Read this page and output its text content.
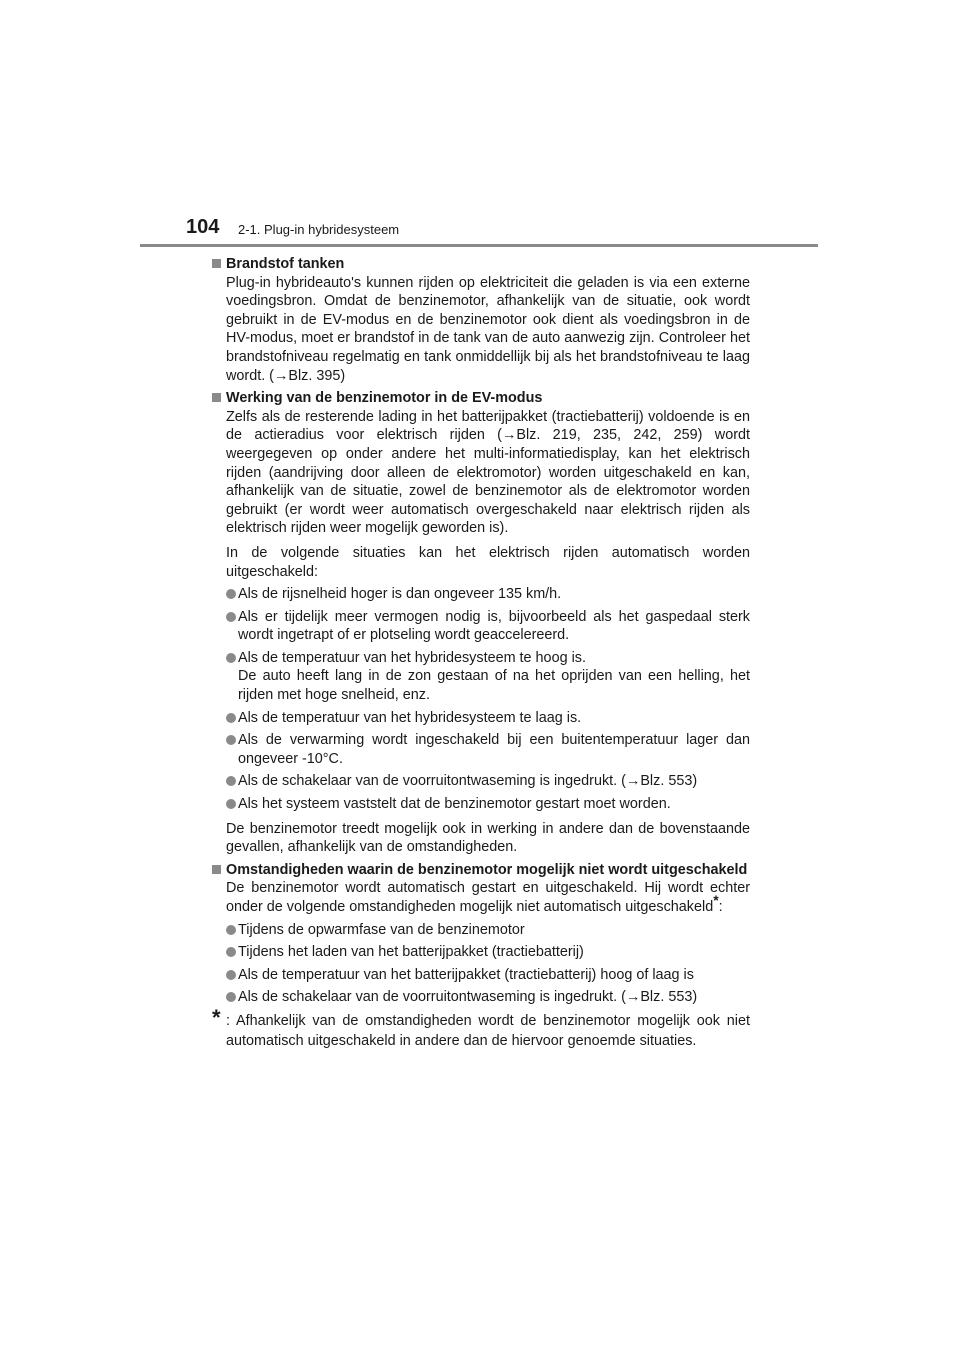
104 2-1. Plug-in hybridesysteem

Brandstof tanken

Plug-in hybrideauto's kunnen rijden op elektriciteit die geladen is via een externe voedingsbron. Omdat de benzinemotor, afhankelijk van de situatie, ook wordt gebruikt in de EV-modus en de benzinemotor ook dient als voedingsbron in de HV-modus, moet er brandstof in de tank van de auto aanwezig zijn. Controleer het brandstofniveau regelmatig en tank onmiddellijk bij als het brandstofniveau te laag wordt. (→Blz. 395)

Werking van de benzinemotor in de EV-modus

Zelfs als de resterende lading in het batterijpakket (tractiebatterij) voldoende is en de actieradius voor elektrisch rijden (→Blz. 219, 235, 242, 259) wordt weergegeven op onder andere het multi-informatiedisplay, kan het elektrisch rijden (aandrijving door alleen de elektromotor) worden uitgeschakeld en kan, afhankelijk van de situatie, zowel de benzinemotor als de elektromotor worden gebruikt (er wordt weer automatisch overgeschakeld naar elektrisch rijden als elektrisch rijden weer mogelijk geworden is).

In de volgende situaties kan het elektrisch rijden automatisch worden uitgeschakeld:

Als de rijsnelheid hoger is dan ongeveer 135 km/h.

Als er tijdelijk meer vermogen nodig is, bijvoorbeeld als het gaspedaal sterk wordt ingetrapt of er plotseling wordt geaccelereerd.

Als de temperatuur van het hybridesysteem te hoog is.

De auto heeft lang in de zon gestaan of na het oprijden van een helling, het rijden met hoge snelheid, enz.

Als de temperatuur van het hybridesysteem te laag is.

Als de verwarming wordt ingeschakeld bij een buitentemperatuur lager dan ongeveer -10°C.

Als de schakelaar van de voorruitontwaseming is ingedrukt. (→Blz. 553)

Als het systeem vaststelt dat de benzinemotor gestart moet worden.

De benzinemotor treedt mogelijk ook in werking in andere dan de bovenstaande gevallen, afhankelijk van de omstandigheden.

Omstandigheden waarin de benzinemotor mogelijk niet wordt uitgeschakeld

De benzinemotor wordt automatisch gestart en uitgeschakeld. Hij wordt echter onder de volgende omstandigheden mogelijk niet automatisch uitgeschakeld*:

Tijdens de opwarmfase van de benzinemotor

Tijdens het laden van het batterijpakket (tractiebatterij)

Als de temperatuur van het batterijpakket (tractiebatterij) hoog of laag is

Als de schakelaar van de voorruitontwaseming is ingedrukt. (→Blz. 553)

* : Afhankelijk van de omstandigheden wordt de benzinemotor mogelijk ook niet automatisch uitgeschakeld in andere dan de hiervoor genoemde situaties.
